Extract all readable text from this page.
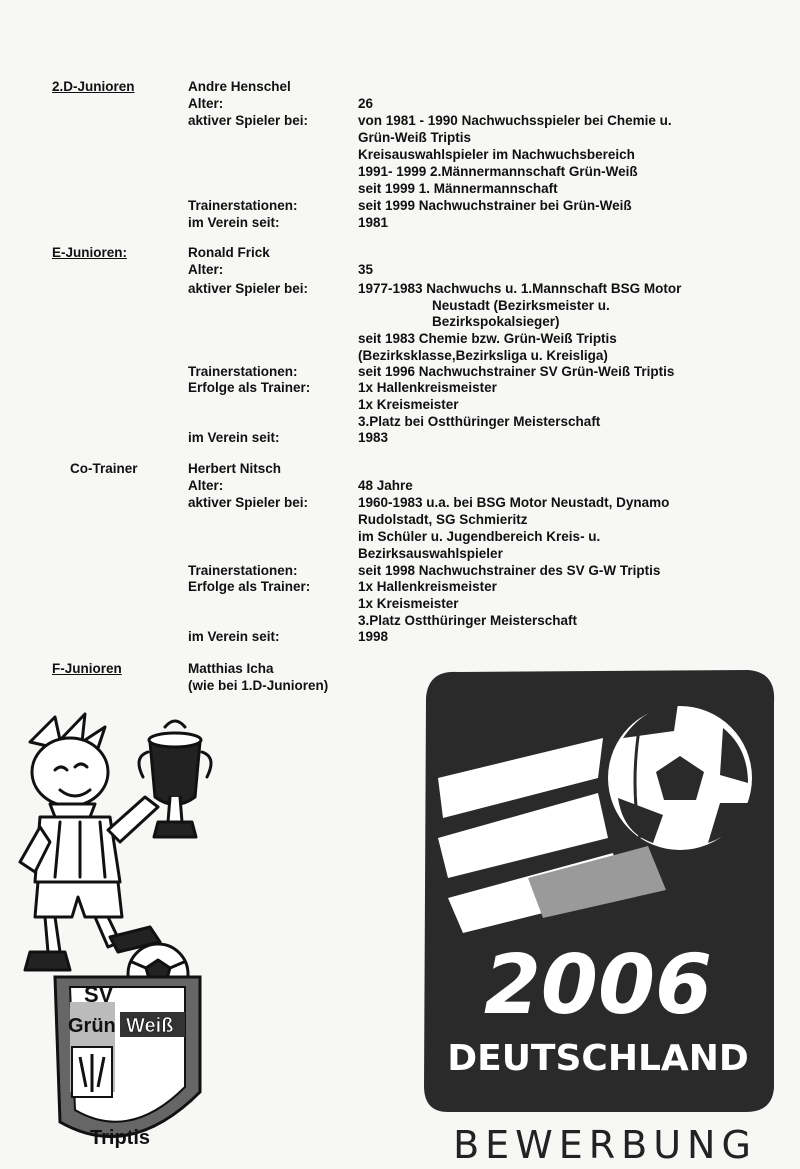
2.D-Junioren	Andre Henschel
Alter:	26
aktiver Spieler bei:	von 1981 - 1990 Nachwuchsspieler bei Chemie u.
Grün-Weiß Triptis
Kreisauswahlspieler im Nachwuchsbereich
1991- 1999 2.Männermannschaft Grün-Weiß
seit 1999 1. Männermannschaft
Trainerstationen:	seit 1999 Nachwuchstrainer bei Grün-Weiß
im Verein seit:	1981
E-Junioren:	Ronald Frick
Alter:	35
aktiver Spieler bei:	1977-1983 Nachwuchs u. 1.Mannschaft BSG Motor
Neustadt (Bezirksmeister u.
Bezirkspokalsieger)
seit 1983 Chemie bzw. Grün-Weiß Triptis
(Bezirksklasse,Bezirksliga u. Kreisliga)
Trainerstationen:	seit 1996 Nachwuchstrainer SV Grün-Weiß Triptis
Erfolge als Trainer:	1x Hallenkreismeister
1x Kreismeister
3.Platz bei Ostthüringer Meisterschaft
im Verein seit:	1983
Co-Trainer	Herbert Nitsch
Alter:	48 Jahre
aktiver Spieler bei:	1960-1983 u.a. bei BSG Motor Neustadt, Dynamo
Rudolstadt, SG Schmieritz
im Schüler u. Jugendbereich Kreis- u.
Bezirksauswahlspieler
Trainerstationen:	seit 1998 Nachwuchstrainer des SV G-W Triptis
Erfolge als Trainer:	1x Hallenkreismeister
1x Kreismeister
3.Platz Ostthüringer Meisterschaft
im Verein seit:	1998
F-Junioren	Matthias Icha
(wie bei 1.D-Junioren)
SV
Grün Weiß
Triptis
2006
DEUTSCHLAND
BEWERBUNG
